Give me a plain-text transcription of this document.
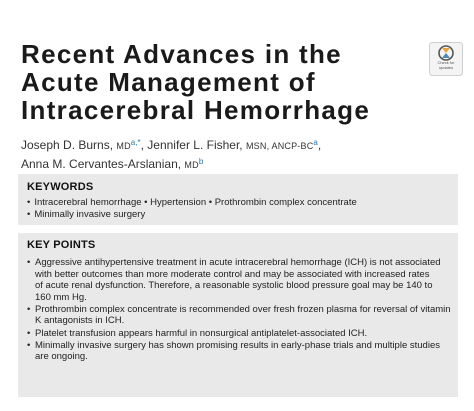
Recent Advances in the
Acute Management of
Intracerebral Hemorrhage
Check for
updates
Joseph D. Burns, MD$^{a,*}$, Jennifer L. Fisher, MSN, ANCP-BC$^a$,
Anna M. Cervantes-Arslanian, MD$^b$
KEYWORDS
• Intracerebral hemorrhage • Hypertension • Prothrombin complex concentrate
• Minimally invasive surgery
KEY POINTS
• Aggressive antihypertensive treatment in acute intracerebral hemorrhage (ICH) is not associated
with better outcomes than more moderate control and may be associated with increased rates
of acute renal dysfunction. Therefore, a reasonable systolic blood pressure goal may be 140 to
160 mm Hg.
• Prothrombin complex concentrate is recommended over fresh frozen plasma for reversal of vitamin
K antagonists in ICH.
• Platelet transfusion appears harmful in nonsurgical antiplatelet-associated ICH.
• Minimally invasive surgery has shown promising results in early-phase trials and multiple studies
are ongoing.
